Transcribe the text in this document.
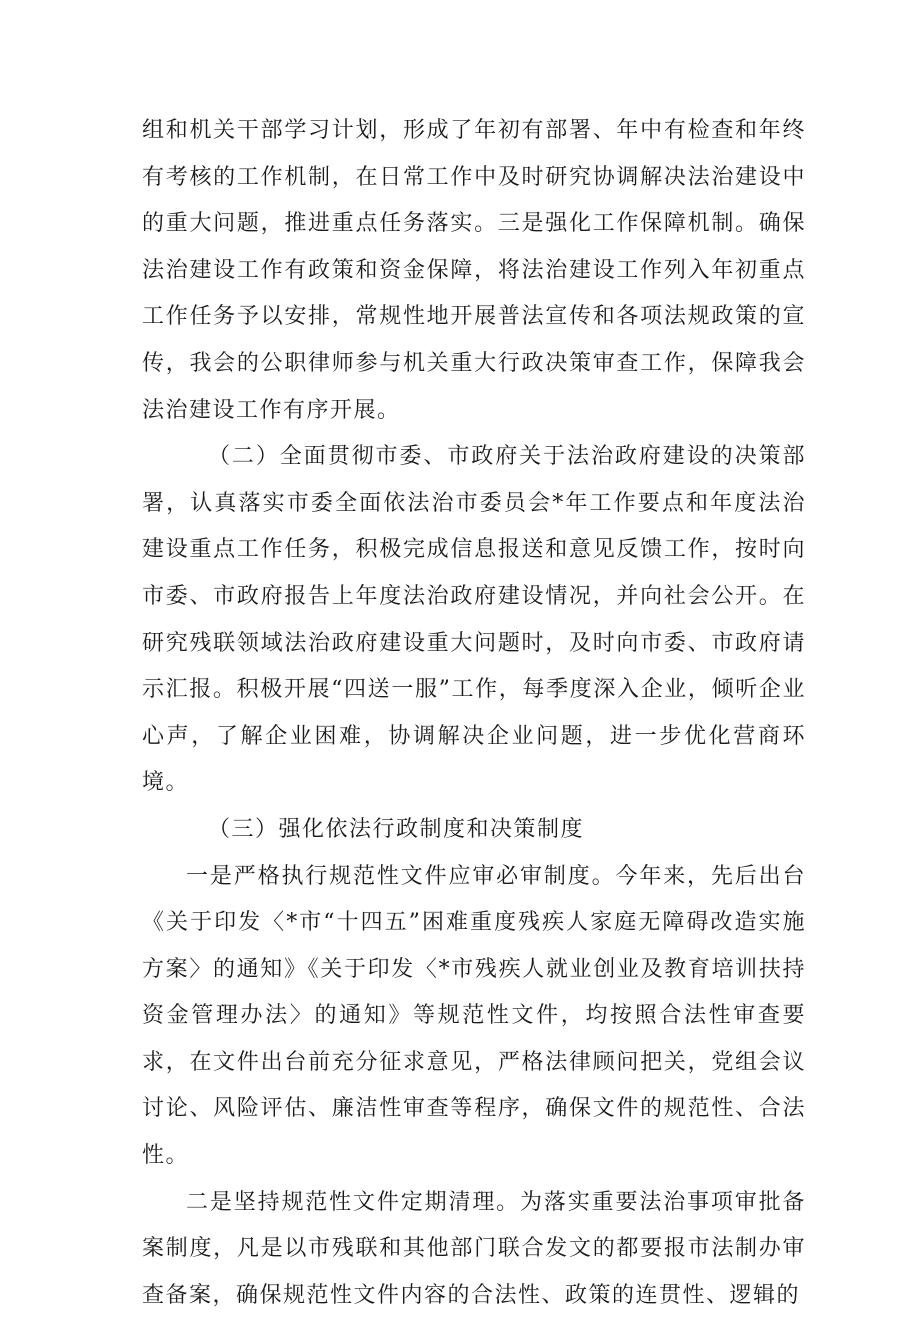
组和机关干部学习计划，形成了年初有部署、年中有检查和年终有考核的工作机制，在日常工作中及时研究协调解决法治建设中的重大问题，推进重点任务落实。三是强化工作保障机制。确保法治建设工作有政策和资金保障，将法治建设工作列入年初重点工作任务予以安排，常规性地开展普法宣传和各项法规政策的宣传，我会的公职律师参与机关重大行政决策审查工作，保障我会法治建设工作有序开展。

（二）全面贯彻市委、市政府关于法治政府建设的决策部署，认真落实市委全面依法治市委员会*年工作要点和年度法治建设重点工作任务，积极完成信息报送和意见反馈工作，按时向市委、市政府报告上年度法治政府建设情况，并向社会公开。在研究残联领域法治政府建设重大问题时，及时向市委、市政府请示汇报。积极开展“四送一服”工作，每季度深入企业，倾听企业心声，了解企业困难，协调解决企业问题，进一步优化营商环境。

（三）强化依法行政制度和决策制度

一是严格执行规范性文件应审必审制度。今年来，先后出台《关于印发〈*市“十四五”困难重度残疾人家庭无障碍改造实施方案〉的通知》《关于印发〈*市残疾人就业创业及教育培训扶持资金管理办法〉的通知》等规范性文件，均按照合法性审查要求，在文件出台前充分征求意见，严格法律顾问把关，党组会议讨论、风险评估、廉洁性审查等程序，确保文件的规范性、合法性。

二是坚持规范性文件定期清理。为落实重要法治事项审批备案制度，凡是以市残联和其他部门联合发文的都要报市法制办审查备案，确保规范性文件内容的合法性、政策的连贯性、逻辑的
